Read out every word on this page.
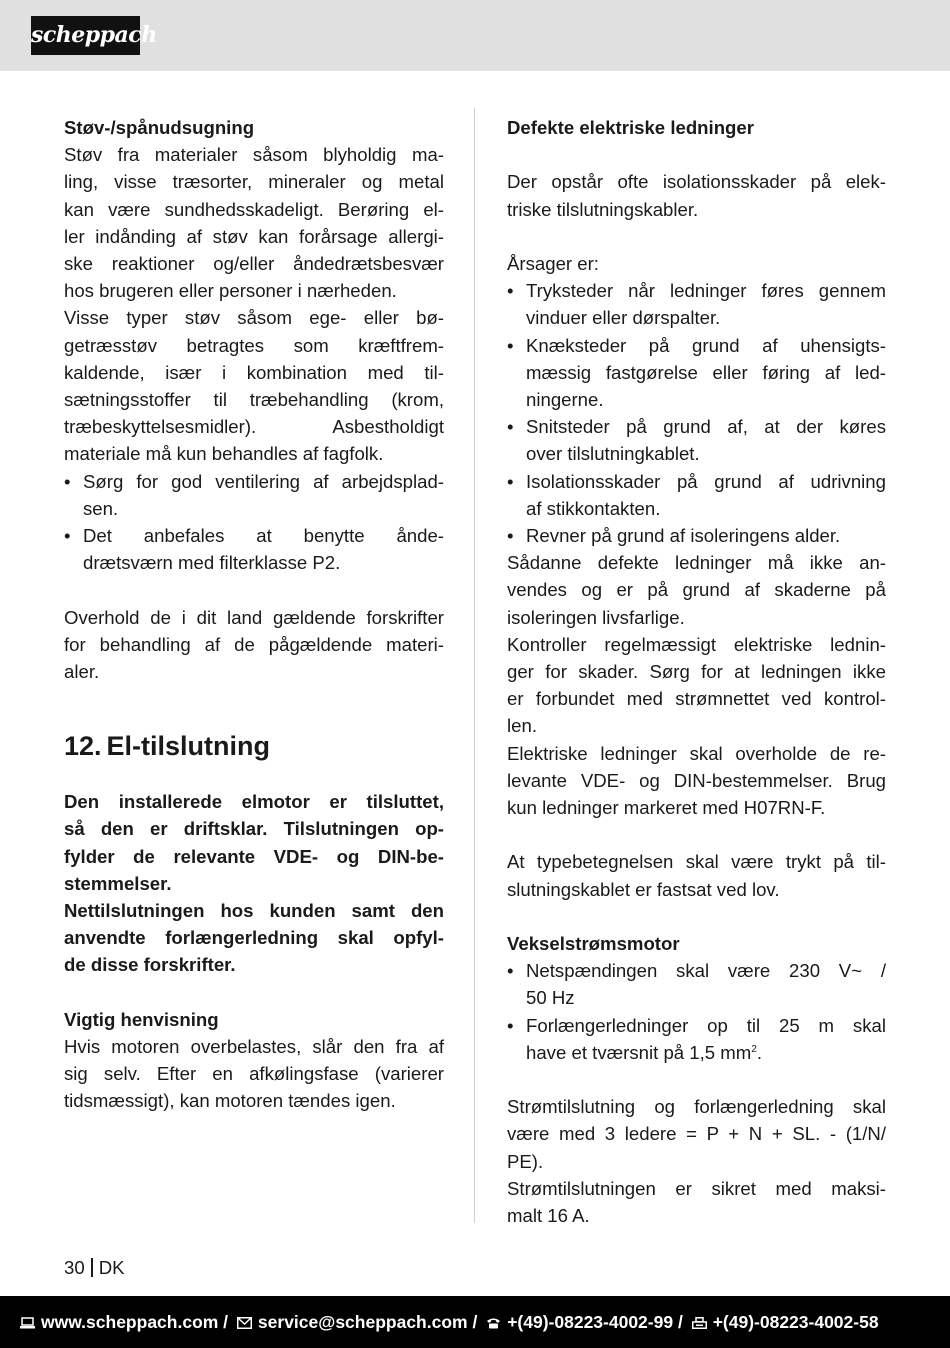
scheppach

Støv-/spånudsugning

Støv fra materialer såsom blyholdig ma-

ling, visse træsorter, mineraler og metal

kan være sundhedsskadeligt. Berøring el-

ler indånding af støv kan forårsage allergi-

ske reaktioner og/eller åndedrætsbesvær

hos brugeren eller personer i nærheden.

Visse typer støv såsom ege- eller bø-

getræsstøv betragtes som kræftfrem-

kaldende, især i kombination med til-

sætningsstoffer til træbehandling (krom,

træbeskyttelsesmidler). Asbestholdigt

materiale må kun behandles af fagfolk.

• Sørg for god ventilering af arbejdsplad-

sen.

• Det anbefales at benytte ånde-

drætsværn med filterklasse P2.

Overhold de i dit land gældende forskrifter

for behandling af de pågældende materi-

aler.

12. El-tilslutning

Den installerede elmotor er tilsluttet,

så den er driftsklar. Tilslutningen op-

fylder de relevante VDE- og DIN-be-

stemmelser.

Nettilslutningen hos kunden samt den

anvendte forlængerledning skal opfyl-

de disse forskrifter.

Vigtig henvisning

Hvis motoren overbelastes, slår den fra af

sig selv. Efter en afkølingsfase (varierer

tidsmæssigt), kan motoren tændes igen.

Defekte elektriske ledninger

Der opstår ofte isolationsskader på elek-

triske tilslutningskabler.

Årsager er:

• Tryksteder når ledninger føres gennem

vinduer eller dørspalter.

• Knæksteder på grund af uhensigts-

mæssig fastgørelse eller føring af led-

ningerne.

• Snitsteder på grund af, at der køres

over tilslutningkablet.

• Isolationsskader på grund af udrivning

af stikkontakten.

• Revner på grund af isoleringens alder.

Sådanne defekte ledninger må ikke an-

vendes og er på grund af skaderne på

isoleringen livsfarlige.

Kontroller regelmæssigt elektriske lednin-

ger for skader. Sørg for at ledningen ikke

er forbundet med strømnettet ved kontrol-

len.

Elektriske ledninger skal overholde de re-

levante VDE- og DIN-bestemmelser. Brug

kun ledninger markeret med H07RN-F.

At typebetegnelsen skal være trykt på til-

slutningskablet er fastsat ved lov.

Vekselstrømsmotor

• Netspændingen skal være 230 V~ /

50 Hz

• Forlængerledninger op til 25 m skal

have et tværsnit på 1,5 $mm^2$.

Strømtilslutning og forlængerledning skal

være med 3 ledere = P + N + SL. - (1/N/

PE).

Strømtilslutningen er sikret med maksi-

malt 16 A.

30 DK
www.scheppach.com / service@scheppach.com / +(49)-08223-4002-99 / +(49)-08223-4002-58
